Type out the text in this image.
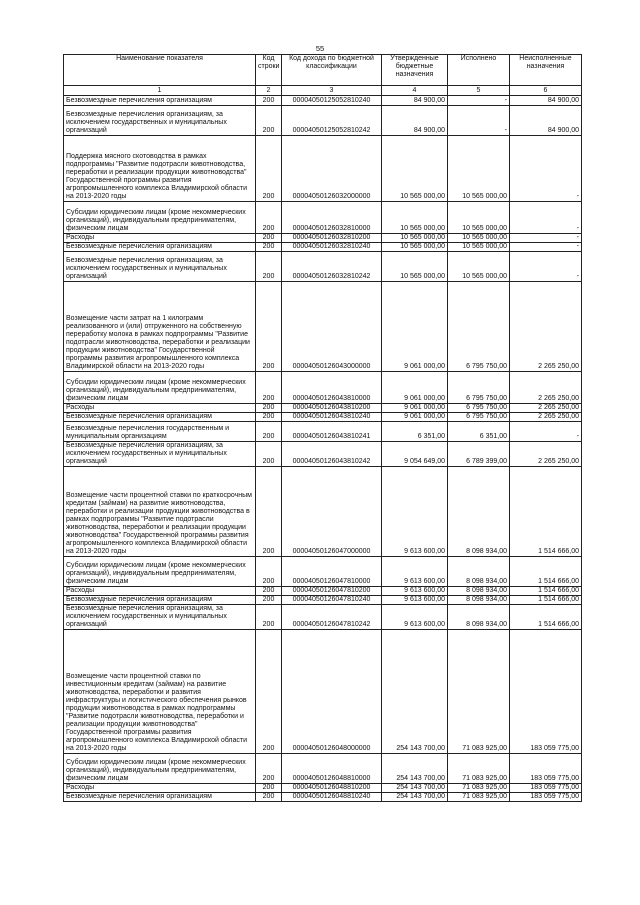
55
Наименование показателя	Код строки	Код дохода по бюджетной классификации	Утвержденные бюджетные назначения	Исполнено	Неисполненные назначения
1	2	3	4	5	6
Безвозмездные перечисления организациям	200	00004050125052810240	84 900,00	-	84 900,00
Безвозмездные перечисления организациям, за исключением государственных и муниципальных организаций	200	00004050125052810242	84 900,00	-	84 900,00
Поддержка мясного скотоводства в рамках подпрограммы "Развитие подотрасли животноводства, переработки и реализации продукции животноводства" Государственной программы развития агропромышленного комплекса Владимирской области на 2013-2020 годы	200	00004050126032000000	10 565 000,00	10 565 000,00	-
Субсидии юридическим лицам (кроме некоммерческих организаций), индивидуальным предпринимателям, физическим лицам	200	00004050126032810000	10 565 000,00	10 565 000,00	-
Расходы	200	00004050126032810200	10 565 000,00	10 565 000,00	-
Безвозмездные перечисления организациям	200	00004050126032810240	10 565 000,00	10 565 000,00	-
Безвозмездные перечисления организациям, за исключением государственных и муниципальных организаций	200	00004050126032810242	10 565 000,00	10 565 000,00	-
Возмещение части затрат на 1 килограмм реализованного и (или) отгруженного на собственную переработку молока в рамках подпрограммы "Развитие подотрасли животноводства, переработки и реализации продукции животноводства" Государственной программы развития агропромышленного комплекса Владимирской области на 2013-2020 годы	200	00004050126043000000	9 061 000,00	6 795 750,00	2 265 250,00
Субсидии юридическим лицам (кроме некоммерческих организаций), индивидуальным предпринимателям, физическим лицам	200	00004050126043810000	9 061 000,00	6 795 750,00	2 265 250,00
Расходы	200	00004050126043810200	9 061 000,00	6 795 750,00	2 265 250,00
Безвозмездные перечисления организациям	200	00004050126043810240	9 061 000,00	6 795 750,00	2 265 250,00
Безвозмездные перечисления государственным и муниципальным организациям	200	00004050126043810241	6 351,00	6 351,00	-
Безвозмездные перечисления организациям, за исключением государственных и муниципальных организаций	200	00004050126043810242	9 054 649,00	6 789 399,00	2 265 250,00
Возмещение части процентной ставки по краткосрочным кредитам (займам) на развитие животноводства, переработки и реализации продукции животноводства в рамках подпрограммы "Развитие подотрасли животноводства, переработки и реализации продукции животноводства" Государственной программы развития агропромышленного комплекса Владимирской области на 2013-2020 годы	200	00004050126047000000	9 613 600,00	8 098 934,00	1 514 666,00
Субсидии юридическим лицам (кроме некоммерческих организаций), индивидуальным предпринимателям, физическим лицам	200	00004050126047810000	9 613 600,00	8 098 934,00	1 514 666,00
Расходы	200	00004050126047810200	9 613 600,00	8 098 934,00	1 514 666,00
Безвозмездные перечисления организациям	200	00004050126047810240	9 613 600,00	8 098 934,00	1 514 666,00
Безвозмездные перечисления организациям, за исключением государственных и муниципальных организаций	200	00004050126047810242	9 613 600,00	8 098 934,00	1 514 666,00
Возмещение части процентной ставки по инвестиционным кредитам (займам) на развитие животноводства, переработки и развития инфраструктуры и логистического обеспечения рынков продукции животноводства в рамках подпрограммы "Развитие подотрасли животноводства, переработки и реализации продукции животноводства" Государственной программы развития агропромышленного комплекса Владимирской области на 2013-2020 годы	200	00004050126048000000	254 143 700,00	71 083 925,00	183 059 775,00
Субсидии юридическим лицам (кроме некоммерческих организаций), индивидуальным предпринимателям, физическим лицам	200	00004050126048810000	254 143 700,00	71 083 925,00	183 059 775,00
Расходы	200	00004050126048810200	254 143 700,00	71 083 925,00	183 059 775,00
Безвозмездные перечисления организациям	200	00004050126048810240	254 143 700,00	71 083 925,00	183 059 775,00
